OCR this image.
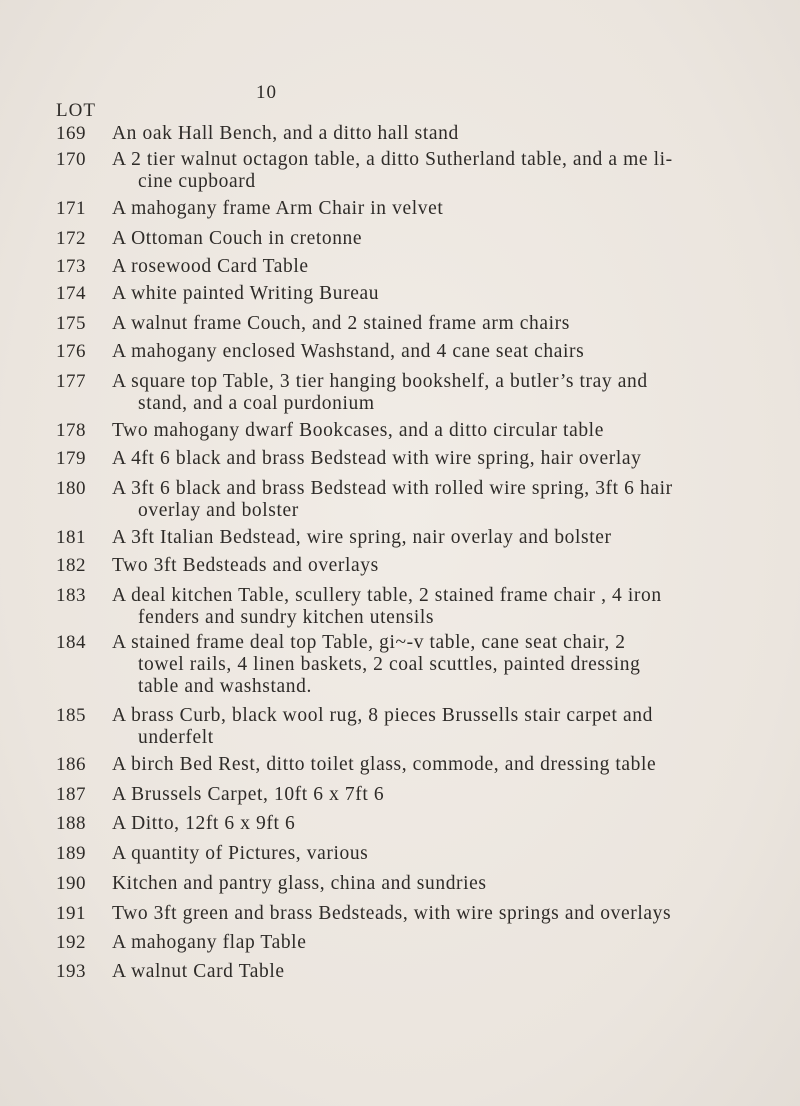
10
LOT
169	An oak Hall Bench, and a ditto hall stand
170	A 2 tier walnut octagon table, a ditto Sutherland table, and a me li-
cine cupboard
171	A mahogany frame Arm Chair in velvet
172	A Ottoman Couch in cretonne
173	A rosewood Card Table
174	A white painted Writing Bureau
175	A walnut frame Couch, and 2 stained frame arm chairs
176	A mahogany enclosed Washstand, and 4 cane seat chairs
177	A square top Table, 3 tier hanging bookshelf, a butler’s tray and
stand, and a coal purdonium
178	Two mahogany dwarf Bookcases, and a ditto circular table
179	A 4ft 6 black and brass Bedstead with wire spring, hair overlay
180	A 3ft 6 black and brass Bedstead with rolled wire spring, 3ft 6 hair
overlay and bolster
181	A 3ft Italian Bedstead, wire spring, nair overlay and bolster
182	Two 3ft Bedsteads and overlays
183	A deal kitchen Table, scullery table, 2 stained frame chair , 4 iron
fenders and sundry kitchen utensils
184	A stained frame deal top Table, gi~-v table, cane seat chair, 2
towel rails, 4 linen baskets, 2 coal scuttles, painted dressing
table and washstand.
185	A brass Curb, black wool rug, 8 pieces Brussells stair carpet and
underfelt
186	A birch Bed Rest, ditto toilet glass, commode, and dressing table
187	A Brussels Carpet, 10ft 6 x 7ft 6
188	A Ditto, 12ft 6 x 9ft 6
189	A quantity of Pictures, various
190	Kitchen and pantry glass, china and sundries
191	Two 3ft green and brass Bedsteads, with wire springs and overlays
192	A mahogany flap Table
193	A walnut Card Table
